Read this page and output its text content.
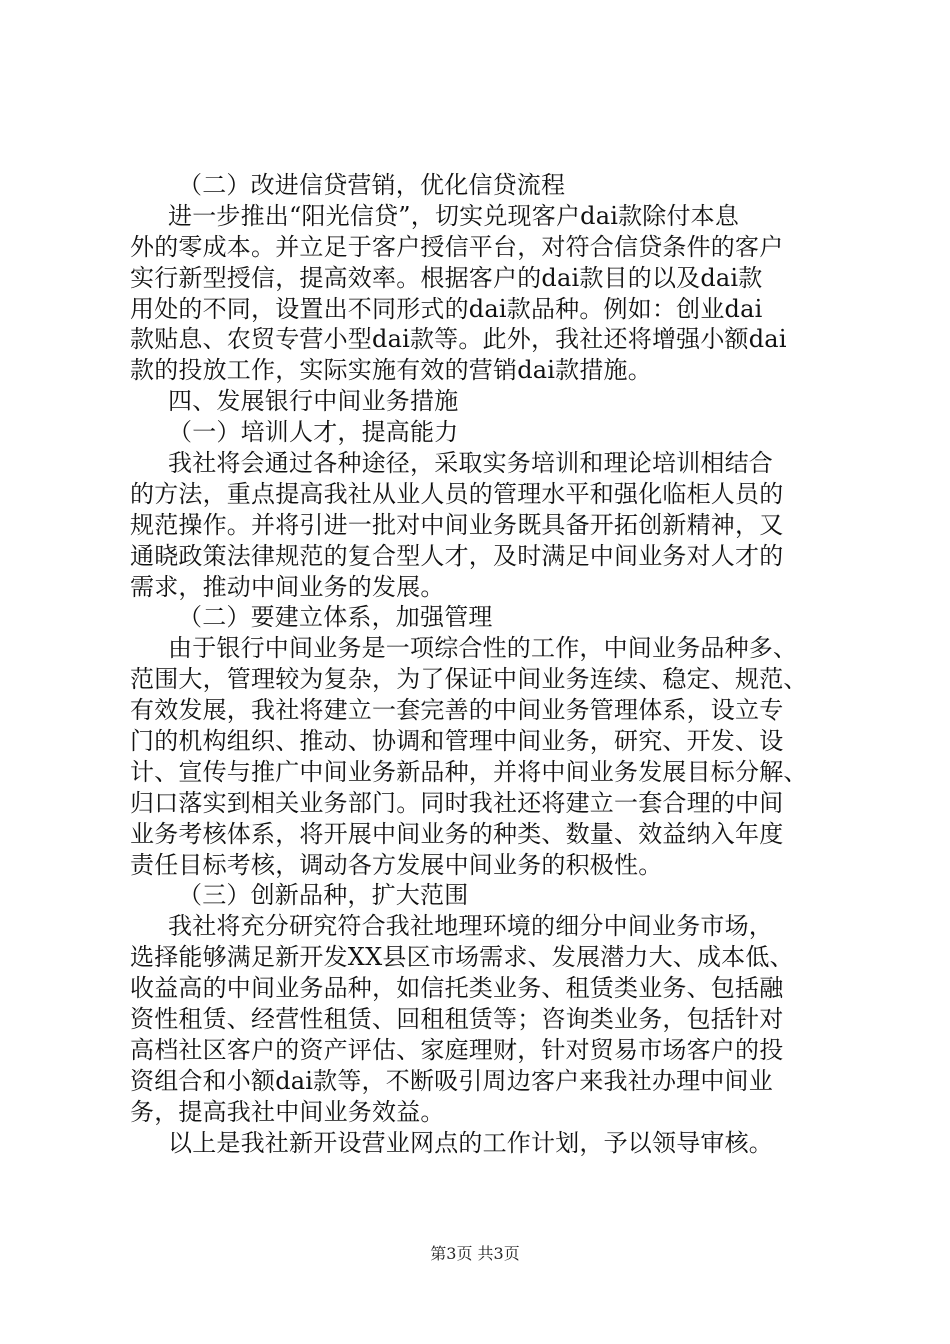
（二）改进信贷营销，优化信贷流程
进一步推出“阳光信贷”，切实兑现客户dai款除付本息
外的零成本。并立足于客户授信平台，对符合信贷条件的客户
实行新型授信，提高效率。根据客户的dai款目的以及dai款
用处的不同，设置出不同形式的dai款品种。例如：创业dai
款贴息、农贸专营小型dai款等。此外，我社还将增强小额dai
款的投放工作，实际实施有效的营销dai款措施。
四、发展银行中间业务措施
（一）培训人才，提高能力
我社将会通过各种途径，采取实务培训和理论培训相结合
的方法，重点提高我社从业人员的管理水平和强化临柜人员的
规范操作。并将引进一批对中间业务既具备开拓创新精神，又
通晓政策法律规范的复合型人才，及时满足中间业务对人才的
需求，推动中间业务的发展。
（二）要建立体系，加强管理
由于银行中间业务是一项综合性的工作，中间业务品种多、
范围大，管理较为复杂，为了保证中间业务连续、稳定、规范、
有效发展，我社将建立一套完善的中间业务管理体系，设立专
门的机构组织、推动、协调和管理中间业务，研究、开发、设
计、宣传与推广中间业务新品种，并将中间业务发展目标分解、
归口落实到相关业务部门。同时我社还将建立一套合理的中间
业务考核体系，将开展中间业务的种类、数量、效益纳入年度
责任目标考核，调动各方发展中间业务的积极性。
（三）创新品种，扩大范围
我社将充分研究符合我社地理环境的细分中间业务市场，
选择能够满足新开发XX县区市场需求、发展潜力大、成本低、
收益高的中间业务品种，如信托类业务、租赁类业务、包括融
资性租赁、经营性租赁、回租租赁等；咨询类业务，包括针对
高档社区客户的资产评估、家庭理财，针对贸易市场客户的投
资组合和小额dai款等，不断吸引周边客户来我社办理中间业
务，提高我社中间业务效益。
以上是我社新开设营业网点的工作计划，予以领导审核。
第3页 共3页
